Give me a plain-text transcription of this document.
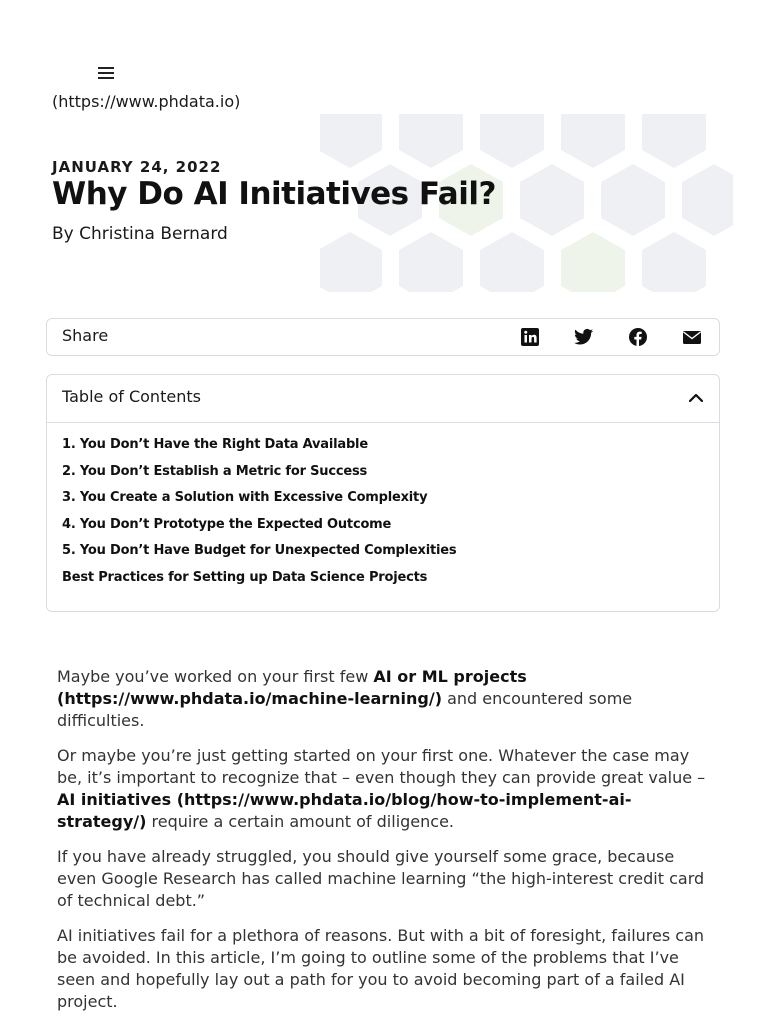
(https://www.phdata.io)
JANUARY 24, 2022
Why Do AI Initiatives Fail?
By Christina Bernard
Share
Table of Contents
1. You Don’t Have the Right Data Available
2. You Don’t Establish a Metric for Success
3. You Create a Solution with Excessive Complexity
4. You Don’t Prototype the Expected Outcome
5. You Don’t Have Budget for Unexpected Complexities
Best Practices for Setting up Data Science Projects

Maybe you’ve worked on your first few AI or ML projects (https://www.phdata.io/machine-learning/) and encountered some difficulties.

Or maybe you’re just getting started on your first one. Whatever the case may be, it’s important to recognize that – even though they can provide great value – AI initiatives (https://www.phdata.io/blog/how-to-implement-ai-strategy/) require a certain amount of diligence.

If you have already struggled, you should give yourself some grace, because even Google Research has called machine learning “the high-interest credit card of technical debt.”

AI initiatives fail for a plethora of reasons. But with a bit of foresight, failures can be avoided. In this article, I’m going to outline some of the problems that I’ve seen and hopefully lay out a path for you to avoid becoming part of a failed AI project.
